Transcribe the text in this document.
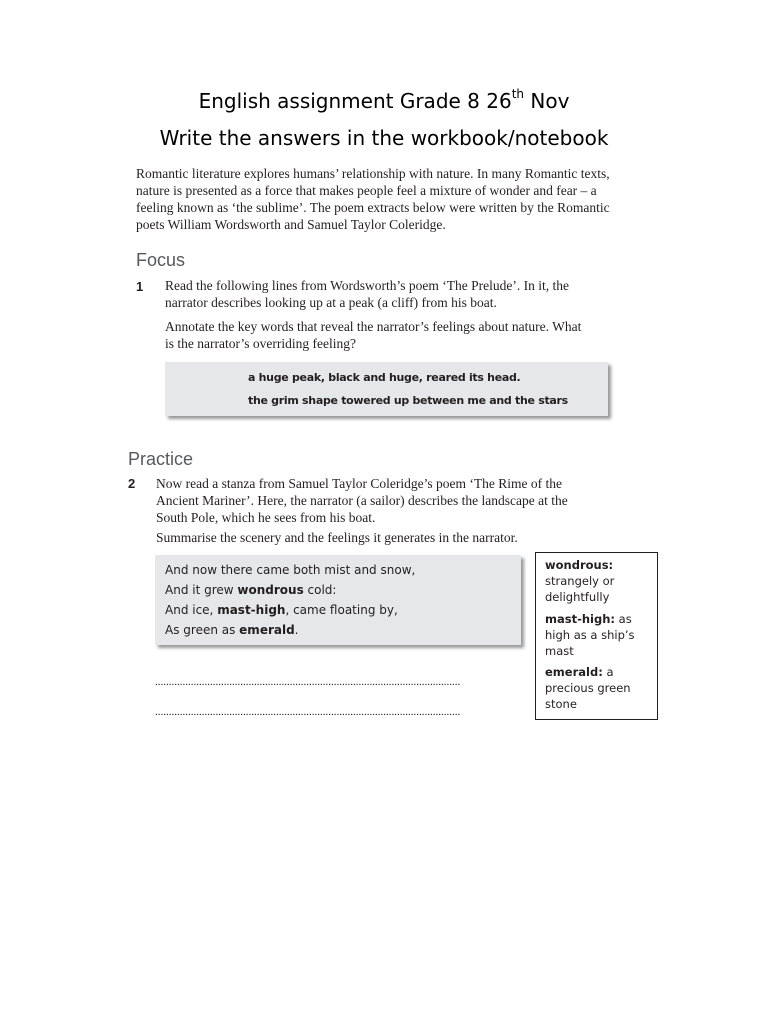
English assignment Grade 8 26th Nov
Write the answers in the workbook/notebook
Romantic literature explores humans’ relationship with nature. In many Romantic texts, nature is presented as a force that makes people feel a mixture of wonder and fear – a feeling known as ‘the sublime’. The poem extracts below were written by the Romantic poets William Wordsworth and Samuel Taylor Coleridge.
Focus
1 Read the following lines from Wordsworth’s poem ‘The Prelude’. In it, the narrator describes looking up at a peak (a cliff) from his boat.
Annotate the key words that reveal the narrator’s feelings about nature. What is the narrator’s overriding feeling?
a huge peak, black and huge, reared its head.
the grim shape towered up between me and the stars
Practice
2 Now read a stanza from Samuel Taylor Coleridge’s poem ‘The Rime of the Ancient Mariner’. Here, the narrator (a sailor) describes the landscape at the South Pole, which he sees from his boat.
Summarise the scenery and the feelings it generates in the narrator.
And now there came both mist and snow,
And it grew wondrous cold:
And ice, mast-high, came floating by,
As green as emerald.
...............................................................................................................
...............................................................................................................
wondrous: strangely or delightfully
mast-high: as high as a ship’s mast
emerald: a precious green stone
